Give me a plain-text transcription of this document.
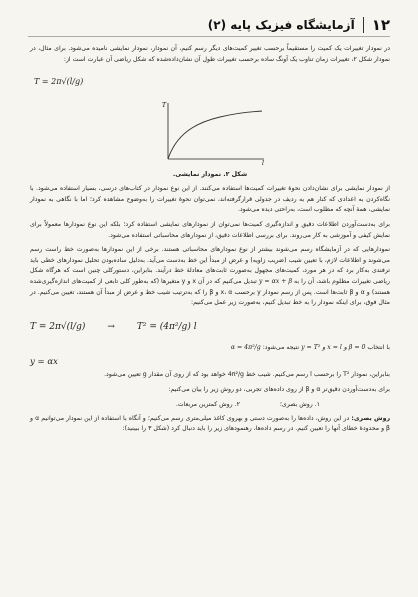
۱۲
آزمایشگاه فیزیک پایه (۲)

در نمودار تغییرات یک کمیت را مستقیماً برحسب تغییر کمیت‌های دیگر رسم کنیم، آن نمودار، نمودار نمایشی نامیده می‌شود. برای مثال، در نمودار شکل ۲، تغییرات زمان تناوب یک آونگ ساده برحسب تغییرات طول آن نشان‌داده‌شده که شکل ریاضی آن عبارت است از:

T = 2π√(l/g)
T
l
شکل ۲. نمودار نمایشی.

از نمودار نمایشی برای نشان‌دادن نحوهٔ تغییرات کمیت‌ها استفاده می‌کنند. از این نوع نمودار در کتاب‌های درسی، بسیار استفاده می‌شود. با نگاه‌کردن به اعدادی که کنار هم به ردیف در جدولی قرارگرفته‌اند، نمی‌توان نحوهٔ تغییرات را به‌وضوح مشاهده کرد؛ اما با نگاهی به نمودار نمایشی، همهٔ آنچه که مطلوب است، به‌راحتی دیده می‌شود.

برای به‌دست‌آوردن اطلاعات دقیق و اندازه‌گیری کمیت‌ها نمی‌توان از نمودارهای نمایشی استفاده کرد؛ بلکه این نوع نمودارها معمولاً برای نمایش کیفی و آموزشی به کار می‌روند. برای بررسی اطلاعات دقیق، از نمودارهای محاسباتی استفاده می‌شود.

نمودارهایی که در آزمایشگاه رسم می‌شوند بیشتر از نوع نمودارهای محاسباتی هستند. برخی از این نمودارها به‌صورت خط راست رسم می‌شوند و اطلاعات لازم، با تعیین شیب (ضریب زاویه) و عرض از مبدأ این خط به‌دست می‌آید. به‌دلیل ساده‌بودن تحلیل نمودارهای خطی باید ترفندی به‌کار برد که در هر مورد، کمیت‌های مجهول به‌صورت ثابت‌های معادلهٔ خط درآیند. بنابراین، دستورکلی چنین است که هرگاه شکل ریاضی تغییرات مطلوم باشد، آن را به y = αx + β تبدیل می‌کنیم که در آن x و y متغیرها (که به‌طور کلی تابعی از کمیت‌های اندازه‌گیری‌شده هستند) و α و β ثابت‌ها است. پس از رسم نمودار y برحسب x، α و β را که به‌ترتیب شیب خط و عرض از مبدأ آن هستند، تعیین می‌کنیم. در مثال فوق، برای اینکه نمودار را به خط تبدیل کنیم، به‌صورت زیر عمل می‌کنیم:

T = 2π√(l/g) → T² = (4π²/g) l

با انتخاب y = T² و x = l و β = 0 نتیجه می‌شود: α = 4π²/g

y = αx

بنابراین، نمودار T² را برحسب l رسم می‌کنیم. شیب خط 4π²/g خواهد بود که از روی آن مقدار g تعیین می‌شود.

برای به‌دست‌آوردن دقیق‌تر α و β از روی داده‌های تجربی، دو روش زیر را بیان می‌کنیم:

۱. روش بصری؛
۲. روش کمترین مربعات.

روش بصری: در این روش، داده‌ها را به‌صورت دستی و بهروی کاغذ میلی‌متری رسم می‌کنیم؛ و آنگاه با استفاده از این نمودار می‌توانیم α و β و محدودهٔ خطای آنها را تعیین کنیم. در رسم داده‌ها، رهنمودهای زیر را باید دنبال کرد (شکل ۳ را ببینید):
